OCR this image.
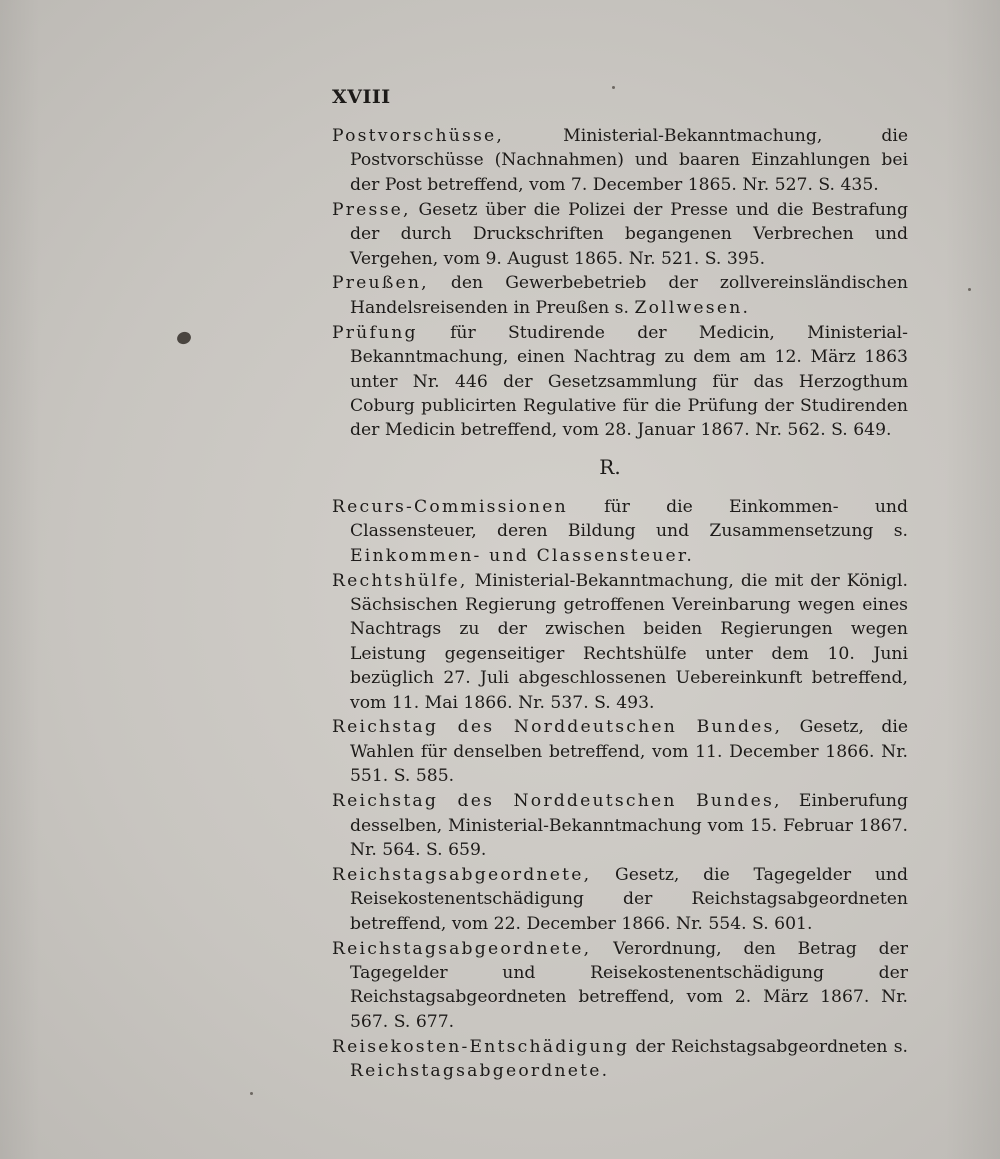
XVIII

Postvorschüsse, Ministerial-Bekanntmachung, die Postvorschüsse (Nachnahmen) und baaren Einzahlungen bei der Post betreffend, vom 7. December 1865. Nr. 527. S. 435.

Presse, Gesetz über die Polizei der Presse und die Bestrafung der durch Druckschriften begangenen Verbrechen und Vergehen, vom 9. August 1865. Nr. 521. S. 395.

Preußen, den Gewerbebetrieb der zollvereinsländischen Handelsreisenden in Preußen s. Zollwesen.

Prüfung für Studirende der Medicin, Ministerial-Bekanntmachung, einen Nachtrag zu dem am 12. März 1863 unter Nr. 446 der Gesetzsammlung für das Herzogthum Coburg publicirten Regulative für die Prüfung der Studirenden der Medicin betreffend, vom 28. Januar 1867. Nr. 562. S. 649.

R.

Recurs-Commissionen für die Einkommen- und Classensteuer, deren Bildung und Zusammensetzung s. Einkommen- und Classensteuer.

Rechtshülfe, Ministerial-Bekanntmachung, die mit der Königl. Sächsischen Regierung getroffenen Vereinbarung wegen eines Nachtrags zu der zwischen beiden Regierungen wegen Leistung gegenseitiger Rechtshülfe unter dem 10. Juni bezüglich 27. Juli abgeschlossenen Uebereinkunft betreffend, vom 11. Mai 1866. Nr. 537. S. 493.

Reichstag des Norddeutschen Bundes, Gesetz, die Wahlen für denselben betreffend, vom 11. December 1866. Nr. 551. S. 585.

Reichstag des Norddeutschen Bundes, Einberufung desselben, Ministerial-Bekanntmachung vom 15. Februar 1867. Nr. 564. S. 659.

Reichstagsabgeordnete, Gesetz, die Tagegelder und Reisekostenentschädigung der Reichstagsabgeordneten betreffend, vom 22. December 1866. Nr. 554. S. 601.

Reichstagsabgeordnete, Verordnung, den Betrag der Tagegelder und Reisekostenentschädigung der Reichstagsabgeordneten betreffend, vom 2. März 1867. Nr. 567. S. 677.

Reisekosten-Entschädigung der Reichstagsabgeordneten s. Reichstagsabgeordnete.
